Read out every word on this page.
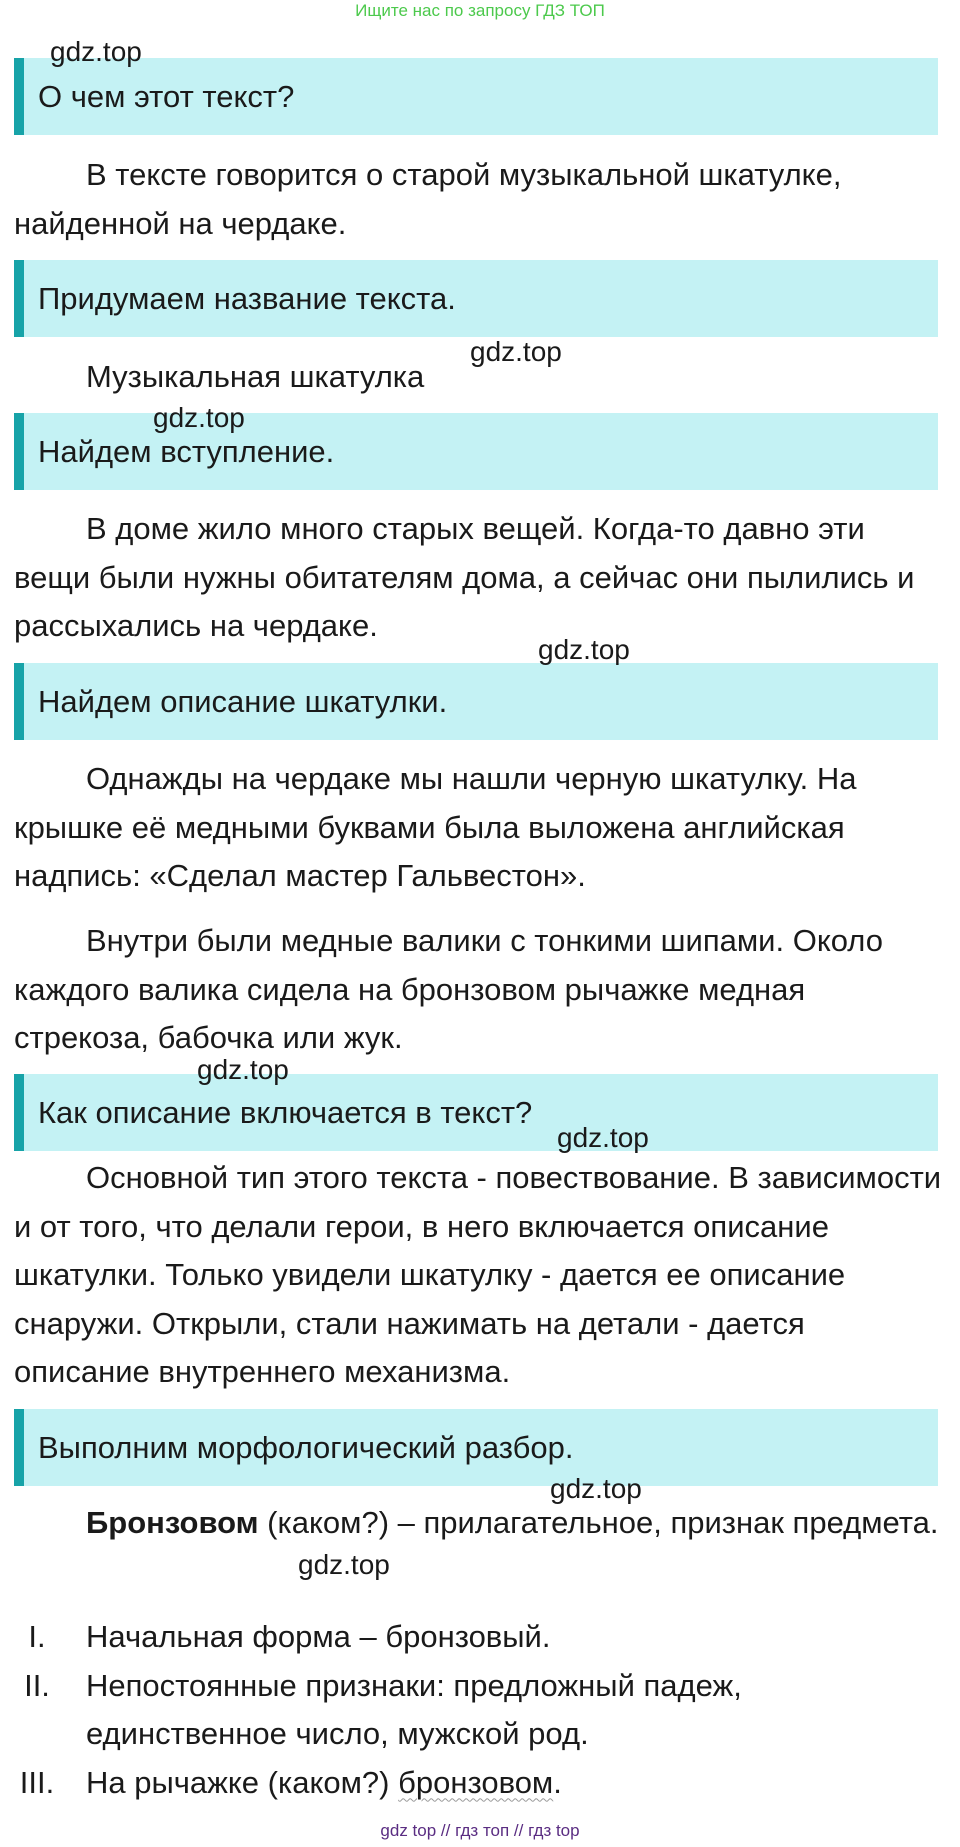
Ищите нас по запросу ГДЗ ТОП
О чем этот текст?
В тексте говорится о старой музыкальной шкатулке, найденной на чердаке.
Придумаем название текста.
Музыкальная шкатулка
Найдем вступление.
В доме жило много старых вещей. Когда-то давно эти вещи были нужны обитателям дома, а сейчас они пылились и рассыхались на чердаке.
Найдем описание шкатулки.
Однажды на чердаке мы нашли черную шкатулку. На крышке её медными буквами была выложена английская надпись: «Сделал мастер Гальвестон».
Внутри были медные валики с тонкими шипами. Около каждого валика сидела на бронзовом рычажке медная стрекоза, бабочка или жук.
Как описание включается в текст?
Основной тип этого текста - повествование. В зависимости и от того, что делали герои, в него включается описание шкатулки. Только увидели шкатулку - дается ее описание снаружи. Открыли, стали нажимать на детали - дается описание внутреннего механизма.
Выполним морфологический разбор.
Бронзовом (каком?) – прилагательное, признак предмета.
I.	Начальная форма – бронзовый.
II.	Непостоянные признаки: предложный падеж, единственное число, мужской род.
III. На рычажке (каком?) бронзовом.
gdz.top
gdz.top
gdz.top
gdz.top
gdz.top
gdz.top
gdz.top
gdz.top
gdz top // гдз топ // гдз top
